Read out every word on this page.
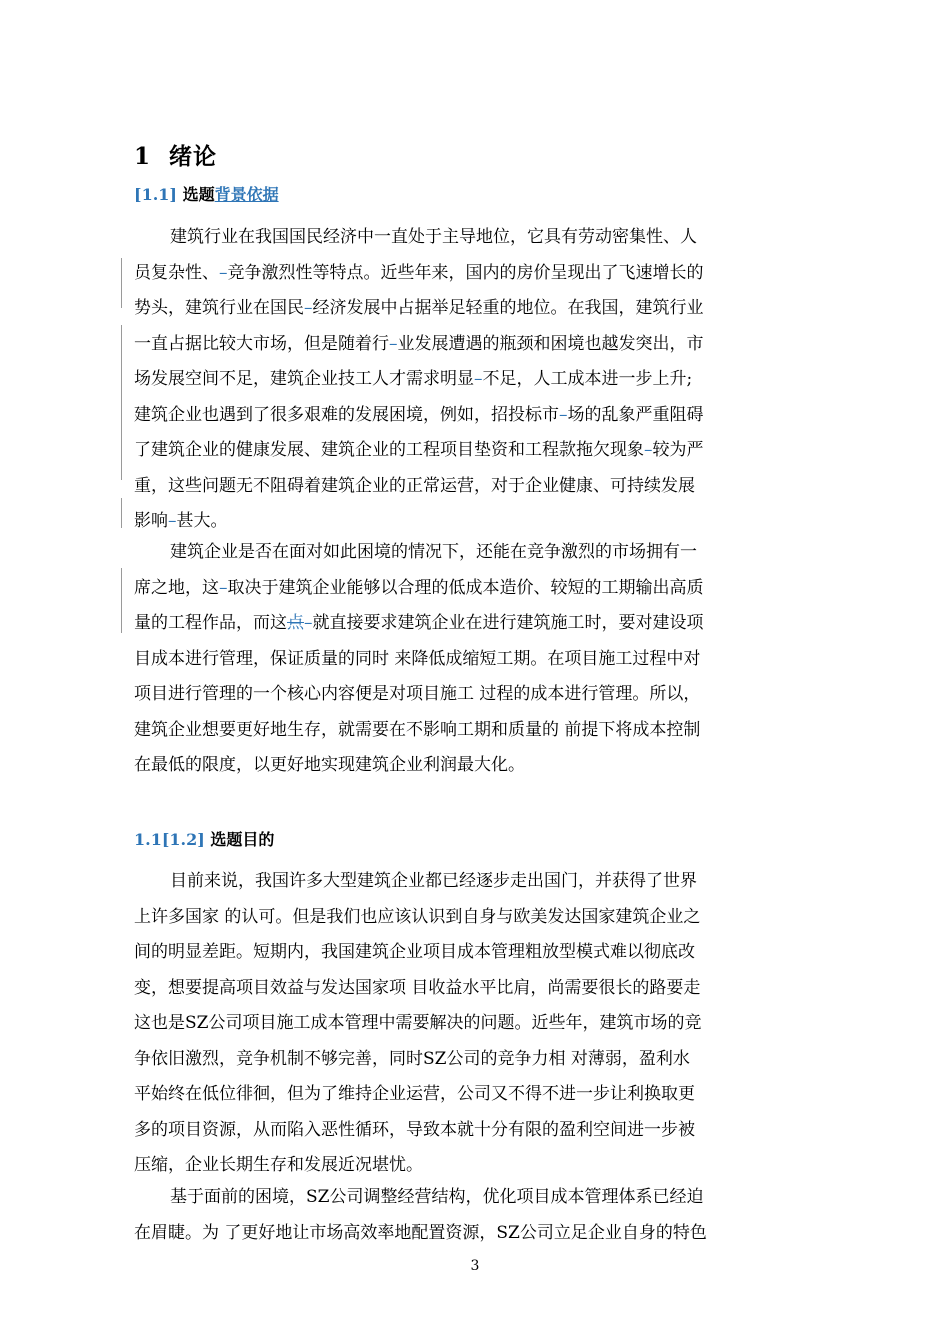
1 绪论
[1.1] 选题背景依据
建筑行业在我国国民经济中一直处于主导地位，它具有劳动密集性、人
员复杂性、–竞争激烈性等特点。近些年来，国内的房价呈现出了飞速增长的
势头，建筑行业在国民–经济发展中占据举足轻重的地位。在我国，建筑行业
一直占据比较大市场，但是随着行–业发展遭遇的瓶颈和困境也越发突出，市
场发展空间不足，建筑企业技工人才需求明显–不足，人工成本进一步上升;
建筑企业也遇到了很多艰难的发展困境，例如，招投标市–场的乱象严重阻碍
了建筑企业的健康发展、建筑企业的工程项目垫资和工程款拖欠现象–较为严
重，这些问题无不阻碍着建筑企业的正常运营，对于企业健康、可持续发展
影响–甚大。
建筑企业是否在面对如此困境的情况下，还能在竞争激烈的市场拥有一
席之地，这–取决于建筑企业能够以合理的低成本造价、较短的工期输出高质
量的工程作品，而这点–就直接要求建筑企业在进行建筑施工时，要对建设项
目成本进行管理，保证质量的同时 来降低成缩短工期。在项目施工过程中对
项目进行管理的一个核心内容便是对项目施工 过程的成本进行管理。所以，
建筑企业想要更好地生存，就需要在不影响工期和质量的 前提下将成本控制
在最低的限度，以更好地实现建筑企业利润最大化。
1.1[1.2] 选题目的
目前来说，我国许多大型建筑企业都已经逐步走出国门，并获得了世界
上许多国家 的认可。但是我们也应该认识到自身与欧美发达国家建筑企业之
间的明显差距。短期内，我国建筑企业项目成本管理粗放型模式难以彻底改
变，想要提高项目效益与发达国家项 目收益水平比肩，尚需要很长的路要走
这也是SZ公司项目施工成本管理中需要解决的问题。近些年，建筑市场的竞
争依旧激烈，竞争机制不够完善，同时SZ公司的竞争力相 对薄弱，盈利水
平始终在低位徘徊，但为了维持企业运营，公司又不得不进一步让利换取更
多的项目资源，从而陷入恶性循环，导致本就十分有限的盈利空间进一步被
压缩，企业长期生存和发展近况堪忧。
基于面前的困境，SZ公司调整经营结构，优化项目成本管理体系已经迫
在眉睫。为 了更好地让市场高效率地配置资源，SZ公司立足企业自身的特色
3
